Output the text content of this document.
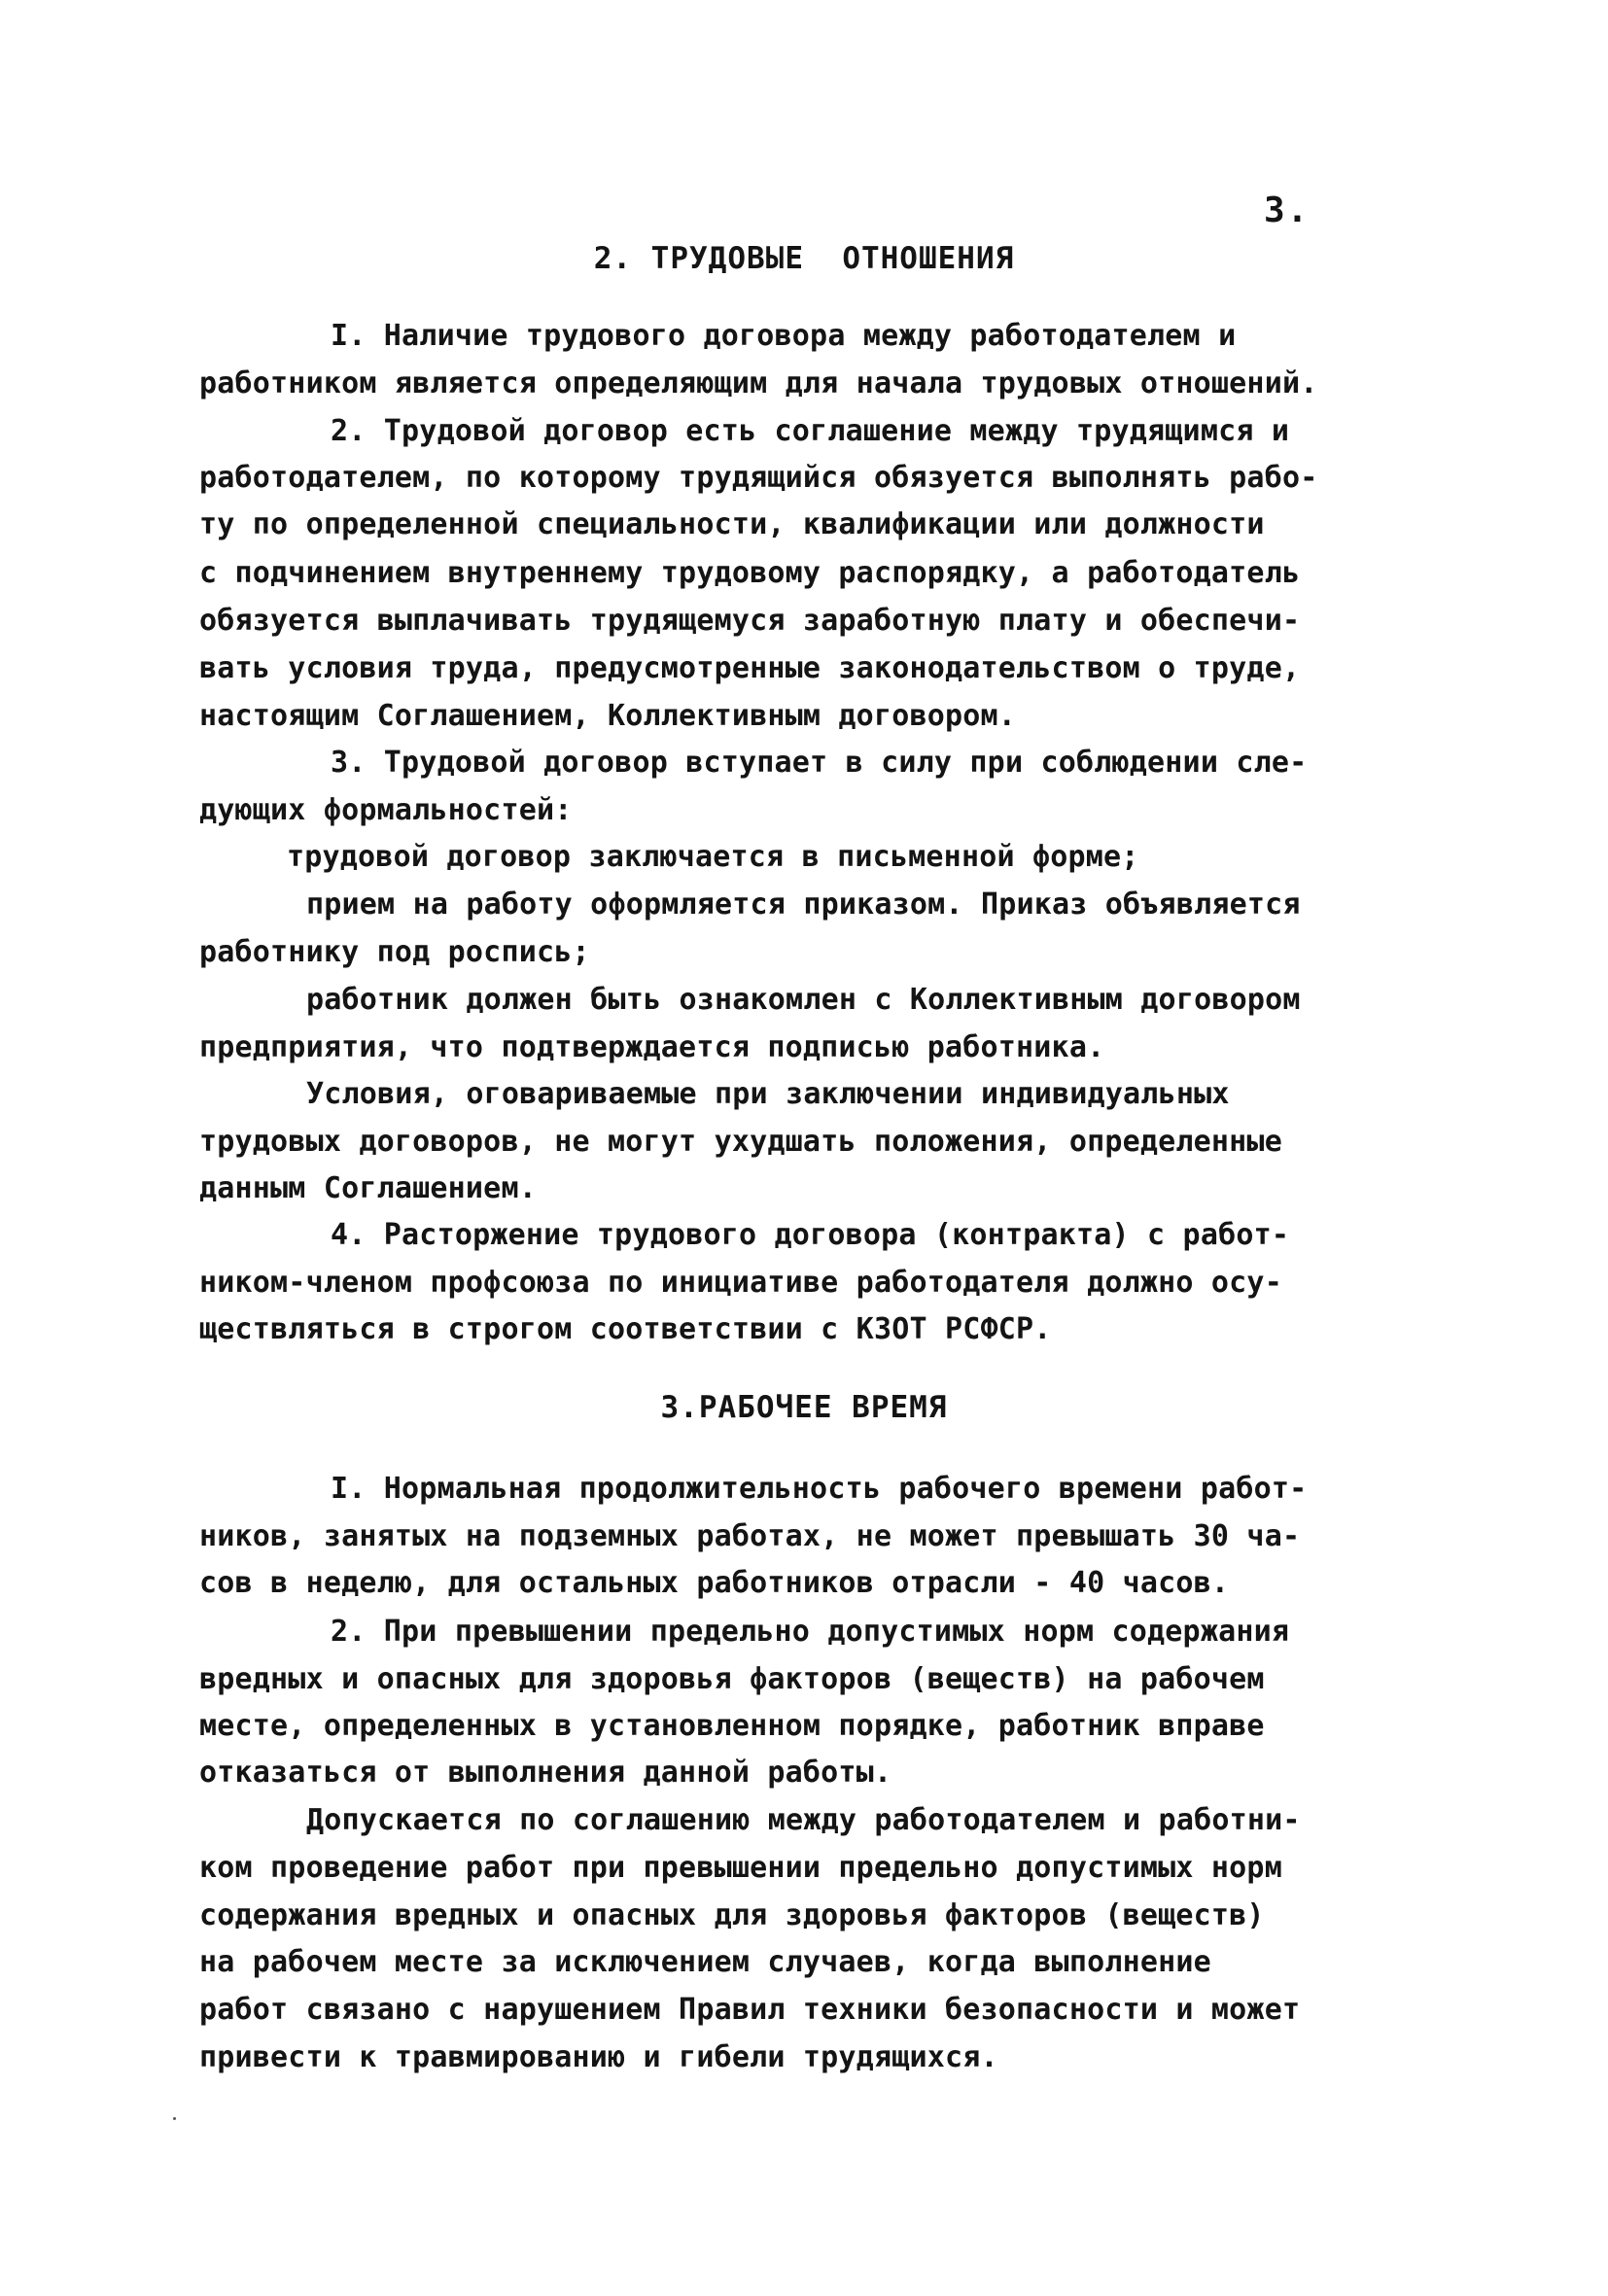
3.
2. ТРУДОВЫЕ  ОТНОШЕНИЯ
I. Наличие трудового договора между работодателем и
работником является определяющим для начала трудовых отношений.
2. Трудовой договор есть соглашение между трудящимся и
работодателем, по которому трудящийся обязуется выполнять рабо-
ту по определенной специальности, квалификации или должности
с подчинением внутреннему трудовому распорядку, а работодатель
обязуется выплачивать трудящемуся заработную плату и обеспечи-
вать условия труда, предусмотренные законодательством о труде,
настоящим Соглашением, Коллективным договором.
3. Трудовой договор вступает в силу при соблюдении сле-
дующих формальностей:
трудовой договор заключается в письменной форме;
прием на работу оформляется приказом. Приказ объявляется
работнику под роспись;
работник должен быть ознакомлен с Коллективным договором
предприятия, что подтверждается подписью работника.
Условия, оговариваемые при заключении индивидуальных
трудовых договоров, не могут ухудшать положения, определенные
данным Соглашением.
4. Расторжение трудового договора (контракта) с работ-
ником-членом профсоюза по инициативе работодателя должно осу-
ществляться в строгом соответствии с КЗОТ РСФСР.
3.РАБОЧЕЕ ВРЕМЯ
I. Нормальная продолжительность рабочего времени работ-
ников, занятых на подземных работах, не может превышать 30 ча-
сов в неделю, для остальных работников отрасли - 40 часов.
2. При превышении предельно допустимых норм содержания
вредных и опасных для здоровья факторов (веществ) на рабочем
месте, определенных в установленном порядке, работник вправе
отказаться от выполнения данной работы.
Допускается по соглашению между работодателем и работни-
ком проведение работ при превышении предельно допустимых норм
содержания вредных и опасных для здоровья факторов (веществ)
на рабочем месте за исключением случаев, когда выполнение
работ связано с нарушением Правил техники безопасности и может
привести к травмированию и гибели трудящихся.
